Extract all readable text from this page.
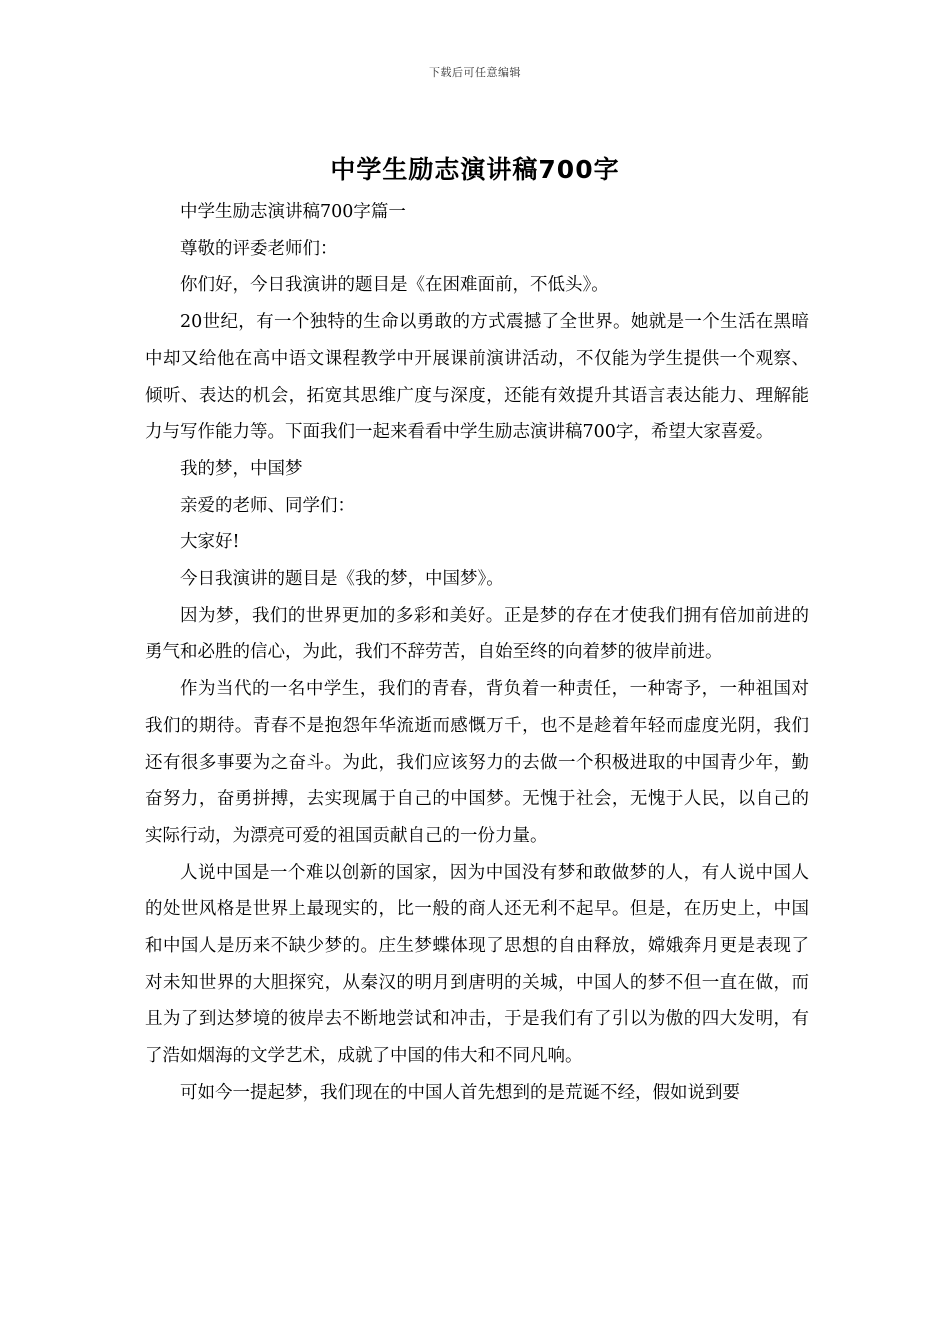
下载后可任意编辑
中学生励志演讲稿700字

中学生励志演讲稿700字篇一

尊敬的评委老师们：

你们好，今日我演讲的题目是《在困难面前，不低头》。

20世纪，有一个独特的生命以勇敢的方式震撼了全世界。她就是一个生活在黑暗中却又给他在高中语文课程教学中开展课前演讲活动，不仅能为学生提供一个观察、倾听、表达的机会，拓宽其思维广度与深度，还能有效提升其语言表达能力、理解能力与写作能力等。下面我们一起来看看中学生励志演讲稿700字，希望大家喜爱。

我的梦，中国梦

亲爱的老师、同学们：

大家好!

今日我演讲的题目是《我的梦，中国梦》。

因为梦，我们的世界更加的多彩和美好。正是梦的存在才使我们拥有倍加前进的勇气和必胜的信心，为此，我们不辞劳苦，自始至终的向着梦的彼岸前进。

作为当代的一名中学生，我们的青春，背负着一种责任，一种寄予，一种祖国对我们的期待。青春不是抱怨年华流逝而感慨万千，也不是趁着年轻而虚度光阴，我们还有很多事要为之奋斗。为此，我们应该努力的去做一个积极进取的中国青少年，勤奋努力，奋勇拼搏，去实现属于自己的中国梦。无愧于社会，无愧于人民，以自己的实际行动，为漂亮可爱的祖国贡献自己的一份力量。

人说中国是一个难以创新的国家，因为中国没有梦和敢做梦的人，有人说中国人的处世风格是世界上最现实的，比一般的商人还无利不起早。但是，在历史上，中国和中国人是历来不缺少梦的。庄生梦蝶体现了思想的自由释放，嫦娥奔月更是表现了对未知世界的大胆探究，从秦汉的明月到唐明的关城，中国人的梦不但一直在做，而且为了到达梦境的彼岸去不断地尝试和冲击，于是我们有了引以为傲的四大发明，有了浩如烟海的文学艺术，成就了中国的伟大和不同凡响。

可如今一提起梦，我们现在的中国人首先想到的是荒诞不经，假如说到要
